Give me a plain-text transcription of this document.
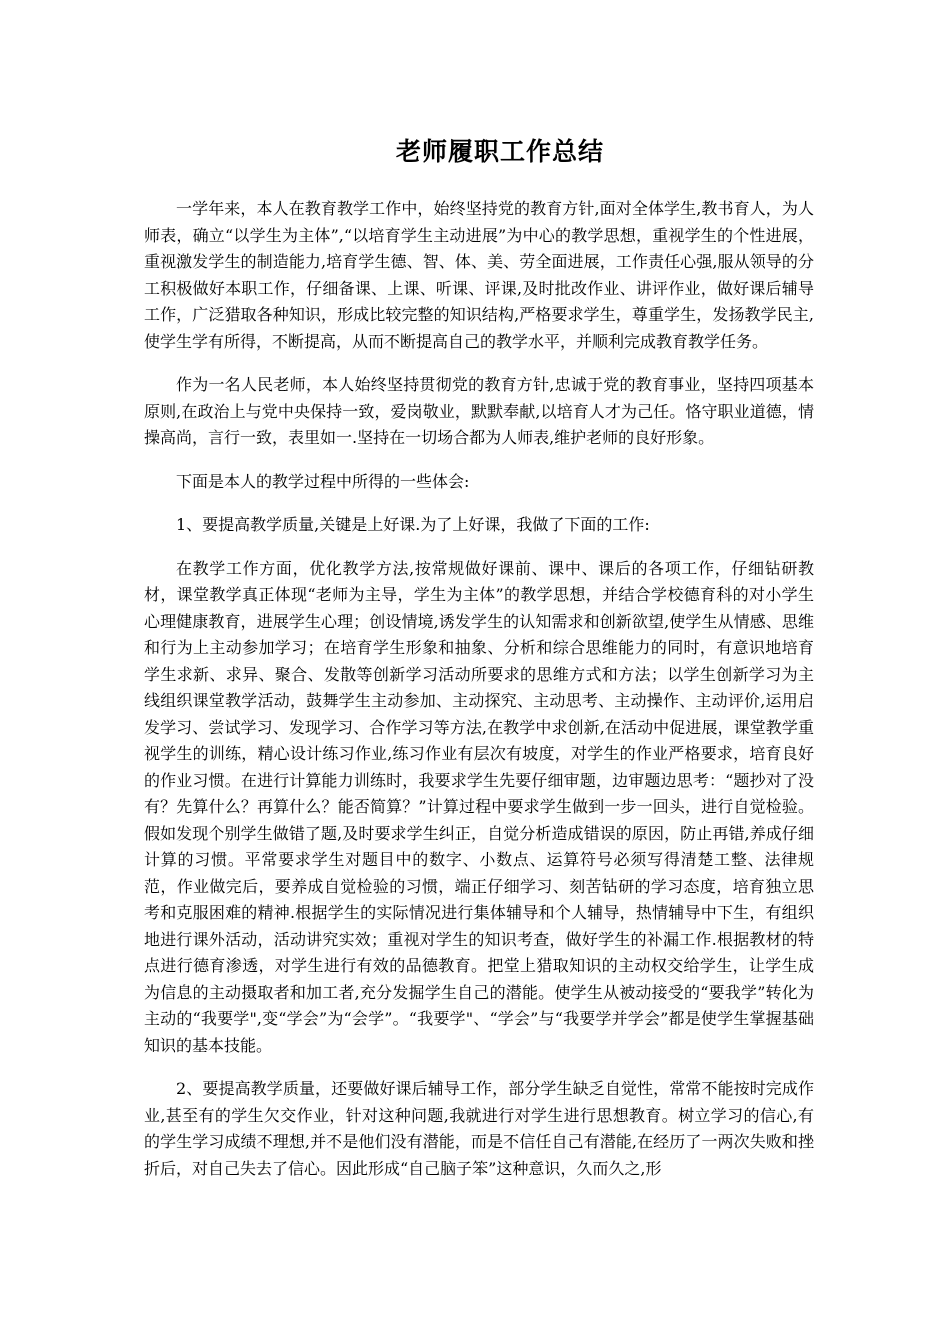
老师履职工作总结

一学年来，本人在教育教学工作中，始终坚持党的教育方针,面对全体学生,教书育人，为人师表，确立“以学生为主体”,“以培育学生主动进展”为中心的教学思想，重视学生的个性进展，重视激发学生的制造能力,培育学生德、智、体、美、劳全面进展，工作责任心强,服从领导的分工积极做好本职工作，仔细备课、上课、听课、评课,及时批改作业、讲评作业，做好课后辅导工作，广泛猎取各种知识，形成比较完整的知识结构,严格要求学生，尊重学生，发扬教学民主,使学生学有所得，不断提高，从而不断提高自己的教学水平，并顺利完成教育教学任务。

作为一名人民老师，本人始终坚持贯彻党的教育方针,忠诚于党的教育事业，坚持四项基本原则,在政治上与党中央保持一致，爱岗敬业，默默奉献,以培育人才为己任。恪守职业道德，情操高尚，言行一致，表里如一.坚持在一切场合都为人师表,维护老师的良好形象。

下面是本人的教学过程中所得的一些体会:

1、要提高教学质量,关键是上好课.为了上好课，我做了下面的工作:

在教学工作方面，优化教学方法,按常规做好课前、课中、课后的各项工作，仔细钻研教材，课堂教学真正体现“老师为主导，学生为主体”的教学思想，并结合学校德育科的对小学生心理健康教育，进展学生心理；创设情境,诱发学生的认知需求和创新欲望,使学生从情感、思维和行为上主动参加学习；在培育学生形象和抽象、分析和综合思维能力的同时，有意识地培育学生求新、求异、聚合、发散等创新学习活动所要求的思维方式和方法；以学生创新学习为主线组织课堂教学活动，鼓舞学生主动参加、主动探究、主动思考、主动操作、主动评价,运用启发学习、尝试学习、发现学习、合作学习等方法,在教学中求创新,在活动中促进展，课堂教学重视学生的训练，精心设计练习作业,练习作业有层次有坡度，对学生的作业严格要求，培育良好的作业习惯。在进行计算能力训练时，我要求学生先要仔细审题，边审题边思考：“题抄对了没有？先算什么？再算什么？能否简算？”计算过程中要求学生做到一步一回头，进行自觉检验。假如发现个别学生做错了题,及时要求学生纠正，自觉分析造成错误的原因，防止再错,养成仔细计算的习惯。平常要求学生对题目中的数字、小数点、运算符号必须写得清楚工整、法律规范，作业做完后，要养成自觉检验的习惯，端正仔细学习、刻苦钻研的学习态度，培育独立思考和克服困难的精神.根据学生的实际情况进行集体辅导和个人辅导，热情辅导中下生，有组织地进行课外活动，活动讲究实效；重视对学生的知识考查，做好学生的补漏工作.根据教材的特点进行德育渗透，对学生进行有效的品德教育。把堂上猎取知识的主动权交给学生，让学生成为信息的主动摄取者和加工者,充分发掘学生自己的潜能。使学生从被动接受的“要我学”转化为主动的“我要学",变“学会”为“会学”。“我要学"、“学会”与“我要学并学会”都是使学生掌握基础知识的基本技能。

2、要提高教学质量，还要做好课后辅导工作，部分学生缺乏自觉性，常常不能按时完成作业,甚至有的学生欠交作业，针对这种问题,我就进行对学生进行思想教育。树立学习的信心,有的学生学习成绩不理想,并不是他们没有潜能，而是不信任自己有潜能,在经历了一两次失败和挫折后，对自己失去了信心。因此形成“自己脑子笨”这种意识，久而久之,形
